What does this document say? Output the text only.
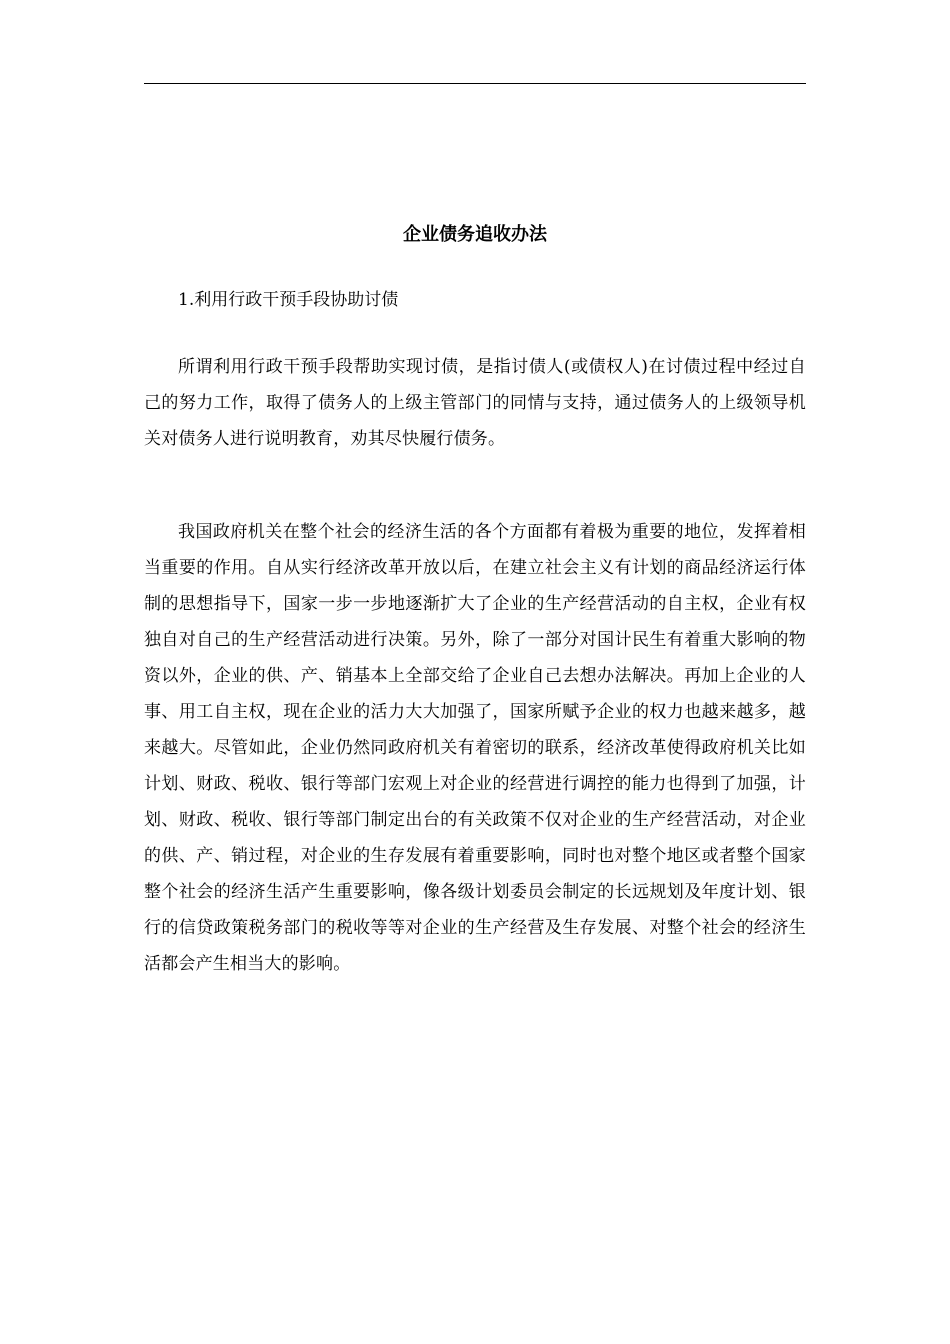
企业债务追收办法

1.利用行政干预手段协助讨债

所谓利用行政干预手段帮助实现讨债，是指讨债人(或债权人)在讨债过程中经过自己的努力工作，取得了债务人的上级主管部门的同情与支持，通过债务人的上级领导机关对债务人进行说明教育，劝其尽快履行债务。

我国政府机关在整个社会的经济生活的各个方面都有着极为重要的地位，发挥着相当重要的作用。自从实行经济改革开放以后，在建立社会主义有计划的商品经济运行体制的思想指导下，国家一步一步地逐渐扩大了企业的生产经营活动的自主权，企业有权独自对自己的生产经营活动进行决策。另外，除了一部分对国计民生有着重大影响的物资以外，企业的供、产、销基本上全部交给了企业自己去想办法解决。再加上企业的人事、用工自主权，现在企业的活力大大加强了，国家所赋予企业的权力也越来越多，越来越大。尽管如此，企业仍然同政府机关有着密切的联系，经济改革使得政府机关比如计划、财政、税收、银行等部门宏观上对企业的经营进行调控的能力也得到了加强，计划、财政、税收、银行等部门制定出台的有关政策不仅对企业的生产经营活动，对企业的供、产、销过程，对企业的生存发展有着重要影响，同时也对整个地区或者整个国家整个社会的经济生活产生重要影响，像各级计划委员会制定的长远规划及年度计划、银行的信贷政策税务部门的税收等等对企业的生产经营及生存发展、对整个社会的经济生活都会产生相当大的影响。
